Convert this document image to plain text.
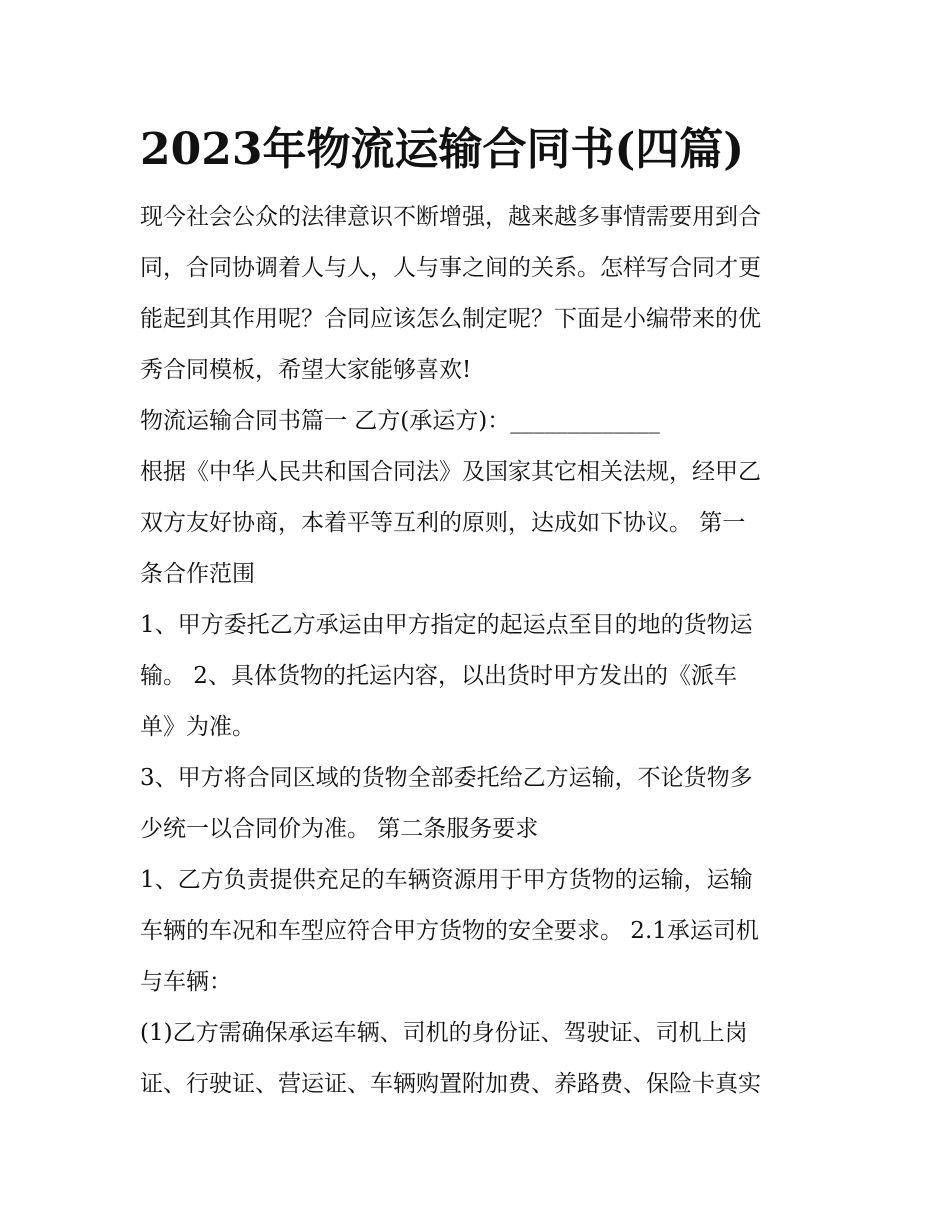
2023年物流运输合同书(四篇)
现今社会公众的法律意识不断增强，越来越多事情需要用到合
同，合同协调着人与人，人与事之间的关系。怎样写合同才更
能起到其作用呢？合同应该怎么制定呢？下面是小编带来的优
秀合同模板，希望大家能够喜欢!
物流运输合同书篇一 乙方(承运方)：_____________
根据《中华人民共和国合同法》及国家其它相关法规，经甲乙
双方友好协商，本着平等互利的原则，达成如下协议。 第一
条合作范围
1、甲方委托乙方承运由甲方指定的起运点至目的地的货物运
输。 2、具体货物的托运内容，以出货时甲方发出的《派车
单》为准。
3、甲方将合同区域的货物全部委托给乙方运输，不论货物多
少统一以合同价为准。 第二条服务要求
1、乙方负责提供充足的车辆资源用于甲方货物的运输，运输
车辆的车况和车型应符合甲方货物的安全要求。 2.1承运司机
与车辆：
(1)乙方需确保承运车辆、司机的身份证、驾驶证、司机上岗
证、行驶证、营运证、车辆购置附加费、养路费、保险卡真实
